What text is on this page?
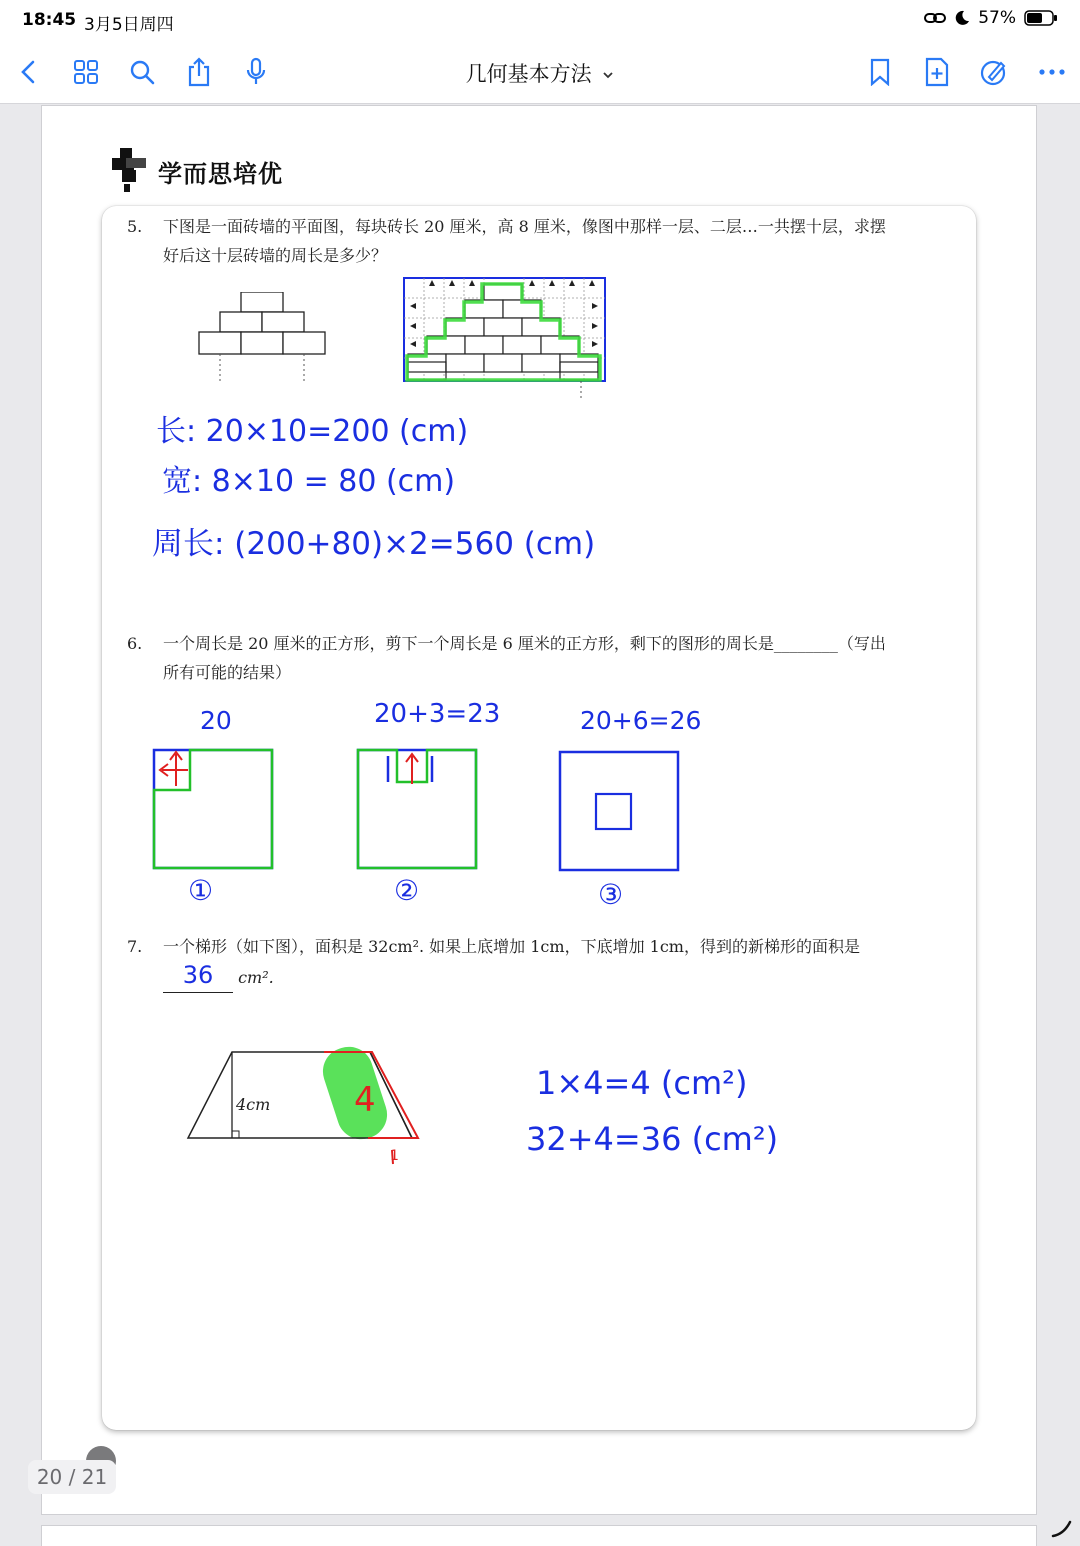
18:45 3月5日周四	57%
几何基本方法
学而思培优
5. 下图是一面砖墙的平面图，每块砖长 20 厘米，高 8 厘米，像图中那样一层、二层…一共摆十层，求摆
好后这十层砖墙的周长是多少？
长: 20×10=200 (cm)
宽: 8×10 = 80 (cm)
周长: (200+80)×2=560 (cm)
6. 一个周长是 20 厘米的正方形，剪下一个周长是 6 厘米的正方形，剩下的图形的周长是________（写出
所有可能的结果）
20	20+3=23	20+6=26
①	②	③
7. 一个梯形（如下图），面积是 32cm². 如果上底增加 1cm，下底增加 1cm，得到的新梯形的面积是
36 cm².
4cm 4
1
1×4=4 (cm²)
32+4=36 (cm²)
20 / 21
